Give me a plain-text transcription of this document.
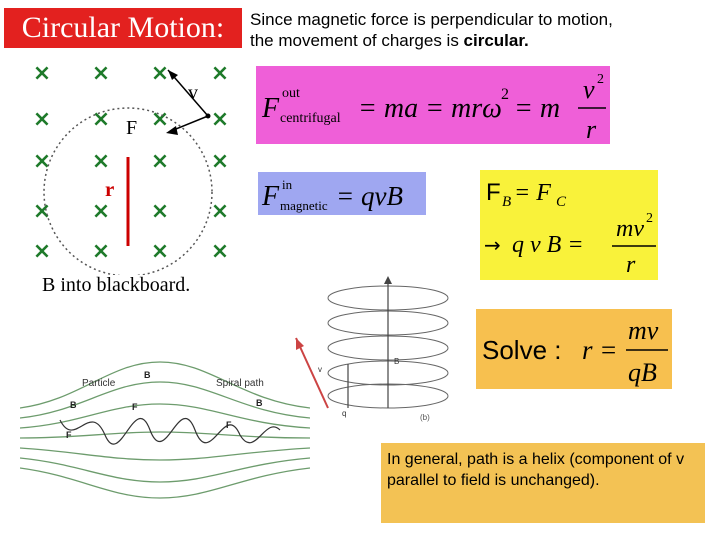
Circular Motion:	Since magnetic force is perpendicular to motion,
the movement of charges is circular.
× × × ×
× × × ×
× × × ×
× × × ×
× × × ×
v
F
r
B into blackboard.
F out
centrifugal = ma = mrω 2 = m
v 2
r
F in
magnetic = qvB	F B = F C
→ q v B =
mv 2
r
Solve : r =
mv
qB
B
q
v
(b)
Particle	Spiral path
B
B	B
F
F
F
In general, path is a helix (component of v parallel to field is unchanged).
